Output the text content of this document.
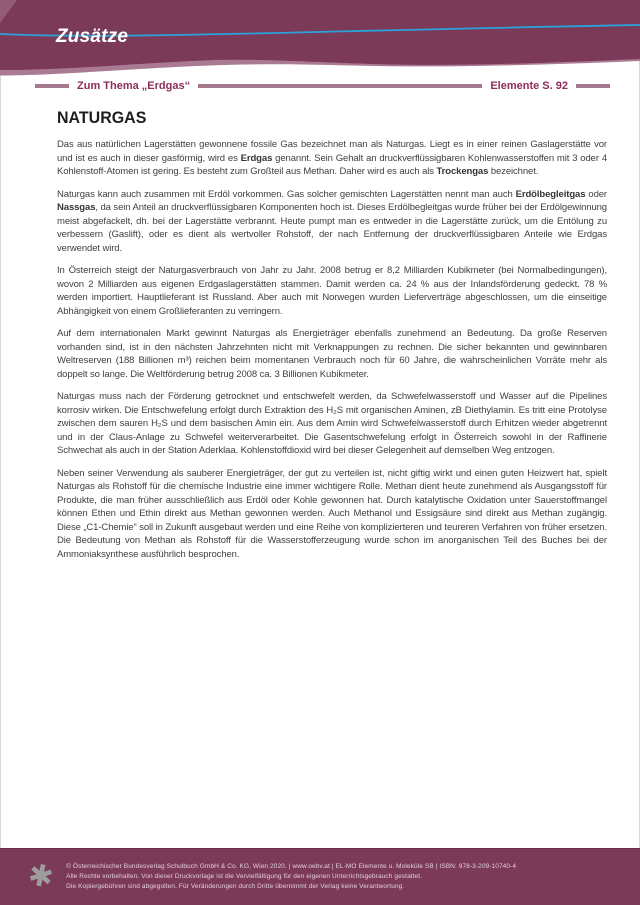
Zusätze
Zum Thema „Erdgas“	Elemente S. 92
NATURGAS

Das aus natürlichen Lagerstätten gewonnene fossile Gas bezeichnet man als Naturgas. Liegt es in einer reinen Gaslagerstätte vor und ist es auch in dieser gasförmig, wird es Erdgas genannt. Sein Gehalt an druckverflüssigbaren Kohlenwasserstoffen mit 3 oder 4 Kohlenstoff-Atomen ist gering. Es besteht zum Großteil aus Methan. Daher wird es auch als Trockengas bezeichnet.

Naturgas kann auch zusammen mit Erdöl vorkommen. Gas solcher gemischten Lagerstätten nennt man auch Erdölbegleitgas oder Nassgas, da sein Anteil an druckverflüssigbaren Komponenten hoch ist. Dieses Erdölbegleitgas wurde früher bei der Erdölgewinnung meist abgefackelt, dh. bei der Lagerstätte verbrannt. Heute pumpt man es entweder in die Lagerstätte zurück, um die Entölung zu verbessern (Gaslift), oder es dient als wertvoller Rohstoff, der nach Entfernung der druckverflüssigbaren Anteile wie Erdgas verwendet wird.

In Österreich steigt der Naturgasverbrauch von Jahr zu Jahr. 2008 betrug er 8,2 Milliarden Kubikmeter (bei Normalbedingungen), wovon 2 Milliarden aus eigenen Erdgaslagerstätten stammen. Damit werden ca. 24 % aus der Inlandsförderung gedeckt. 78 % werden importiert. Hauptlieferant ist Russland. Aber auch mit Norwegen wurden Lieferverträge abgeschlossen, um die einseitige Abhängigkeit von einem Großlieferanten zu verringern.

Auf dem internationalen Markt gewinnt Naturgas als Energieträger ebenfalls zunehmend an Bedeutung. Da große Reserven vorhanden sind, ist in den nächsten Jahrzehnten nicht mit Verknappungen zu rechnen. Die sicher bekannten und gewinnbaren Weltreserven (188 Billionen m³) reichen beim momentanen Verbrauch noch für 60 Jahre, die wahrscheinlichen Vorräte mehr als doppelt so lange. Die Weltförderung betrug 2008 ca. 3 Billionen Kubikmeter.

Naturgas muss nach der Förderung getrocknet und entschwefelt werden, da Schwefelwasserstoff und Wasser auf die Pipelines korrosiv wirken. Die Entschwefelung erfolgt durch Extraktion des H₂S mit organischen Aminen, zB Diethylamin. Es tritt eine Protolyse zwischen dem sauren H₂S und dem basischen Amin ein. Aus dem Amin wird Schwefelwasserstoff durch Erhitzen wieder abgetrennt und in der Claus-Anlage zu Schwefel weiterverarbeitet. Die Gasentschwefelung erfolgt in Österreich sowohl in der Raffinerie Schwechat als auch in der Station Aderklaa. Kohlenstoffdioxid wird bei dieser Gelegenheit auf demselben Weg entzogen.

Neben seiner Verwendung als sauberer Energieträger, der gut zu verteilen ist, nicht giftig wirkt und einen guten Heizwert hat, spielt Naturgas als Rohstoff für die chemische Industrie eine immer wichtigere Rolle. Methan dient heute zunehmend als Ausgangsstoff für Produkte, die man früher ausschließlich aus Erdöl oder Kohle gewonnen hat. Durch katalytische Oxidation unter Sauerstoffmangel können Ethen und Ethin direkt aus Methan gewonnen werden. Auch Methanol und Essigsäure sind direkt aus Methan zugängig. Diese „C1-Chemie“ soll in Zukunft ausgebaut werden und eine Reihe von komplizierteren und teureren Verfahren von früher ersetzen. Die Bedeutung von Methan als Rohstoff für die Wasserstofferzeugung wurde schon im anorganischen Teil des Buches bei der Ammoniaksynthese ausführlich besprochen.

✱ © Österreichischer Bundesverlag Schulbuch GmbH & Co. KG, Wien 2020. | www.oebv.at | EL-MO Elemente u. Moleküle SB | ISBN: 978-3-209-10740-4
Alle Rechte vorbehalten. Von dieser Druckvorlage ist die Vervielfältigung für den eigenen Unterrichtsgebrauch gestattet.
Die Kopiergebühren sind abgegolten. Für Veränderungen durch Dritte übernimmt der Verlag keine Verantwortung.
